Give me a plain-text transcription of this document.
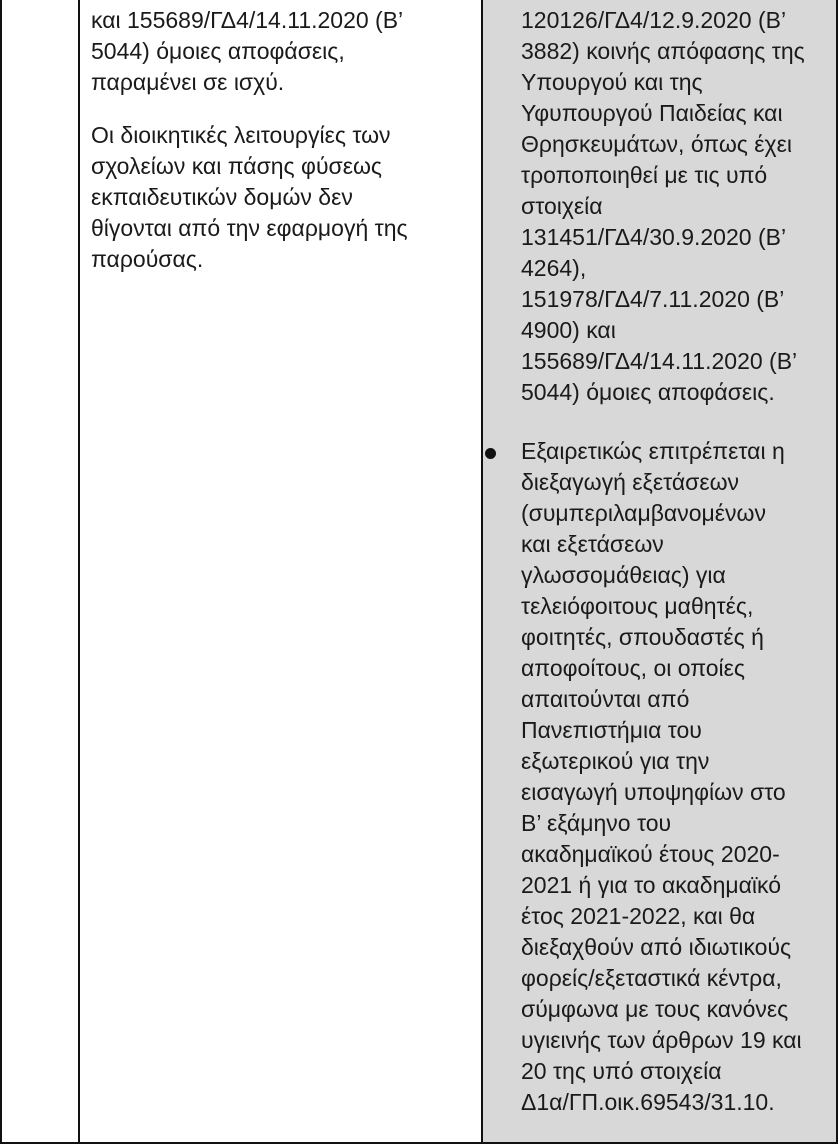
και 155689/ΓΔ4/14.11.2020 (Β’
5044) όμοιες αποφάσεις,
παραμένει σε ισχύ.

Οι διοικητικές λειτουργίες των
σχολείων και πάσης φύσεως
εκπαιδευτικών δομών δεν
θίγονται από την εφαρμογή της
παρούσας.

120126/ΓΔ4/12.9.2020 (Β’
3882) κοινής απόφασης της
Υπουργού και της
Υφυπουργού Παιδείας και
Θρησκευμάτων, όπως έχει
τροποποιηθεί με τις υπό
στοιχεία
131451/ΓΔ4/30.9.2020 (Β’
4264),
151978/ΓΔ4/7.11.2020 (Β’
4900) και
155689/ΓΔ4/14.11.2020 (Β’
5044) όμοιες αποφάσεις.

Εξαιρετικώς επιτρέπεται η
διεξαγωγή εξετάσεων
(συμπεριλαμβανομένων
και εξετάσεων
γλωσσομάθειας) για
τελειόφοιτους μαθητές,
φοιτητές, σπουδαστές ή
αποφοίτους, οι οποίες
απαιτούνται από
Πανεπιστήμια του
εξωτερικού για την
εισαγωγή υποψηφίων στο
Β’ εξάμηνο του
ακαδημαϊκού έτους 2020-
2021 ή για το ακαδημαϊκό
έτος 2021-2022, και θα
διεξαχθούν από ιδιωτικούς
φορείς/εξεταστικά κέντρα,
σύμφωνα με τους κανόνες
υγιεινής των άρθρων 19 και
20 της υπό στοιχεία
Δ1α/ΓΠ.οικ.69543/31.10.
